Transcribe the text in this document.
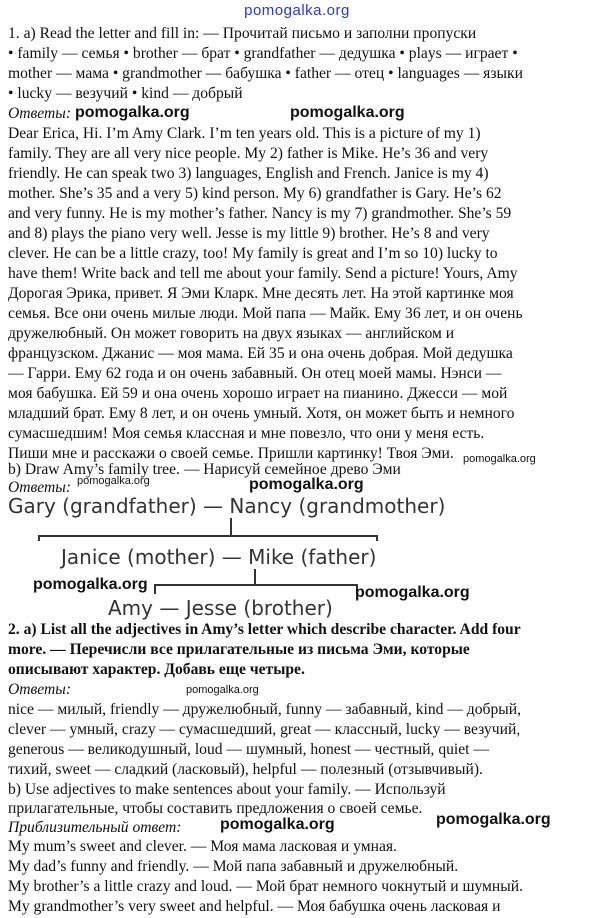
pomogalka.org
1. a) Read the letter and fill in: — Прочитай письмо и заполни пропуски
• family — семья • brother — брат • grandfather — дедушка • plays — играет •
mother — мама • grandmother — бабушка • father — отец • languages — языки
• lucky — везучий • kind — добрый
Ответы: pomogalka.org	pomogalka.org
Dear Erica, Hi. I’m Amy Clark. I’m ten years old. This is a picture of my 1)
family. They are all very nice people. My 2) father is Mike. He’s 36 and very
friendly. He can speak two 3) languages, English and French. Janice is my 4)
mother. She’s 35 and a very 5) kind person. My 6) grandfather is Gary. He’s 62
and very funny. He is my mother’s father. Nancy is my 7) grandmother. She’s 59
and 8) plays the piano very well. Jesse is my little 9) brother. He’s 8 and very
clever. He can be a little crazy, too! My family is great and I’m so 10) lucky to
have them! Write back and tell me about your family. Send a picture! Yours, Amy
Дорогая Эрика, привет. Я Эми Кларк. Мне десять лет. На этой картинке моя
семья. Все они очень милые люди. Мой папа — Майк. Ему 36 лет, и он очень
дружелюбный. Он может говорить на двух языках — английском и
французском. Джанис — моя мама. Ей 35 и она очень добрая. Мой дедушка
— Гарри. Ему 62 года и он очень забавный. Он отец моей мамы. Нэнси —
моя бабушка. Ей 59 и она очень хорошо играет на пианино. Джесси — мой
младший брат. Ему 8 лет, и он очень умный. Хотя, он может быть и немного
сумасшедшим! Моя семья классная и мне повезло, что они у меня есть.
Пиши мне и расскажи о своей семье. Пришли картинку! Твоя Эми. pomogalka.org
b) Draw Amy’s family tree. — Нарисуй семейное древо Эми
Ответы: pomogalka.org	pomogalka.org
Gary (grandfather) — Nancy (grandmother)
Janice (mother) — Mike (father)
pomogalka.org	pomogalka.org
Amy — Jesse (brother)
2. a) List all the adjectives in Amy’s letter which describe character. Add four
more. — Перечисли все прилагательные из письма Эми, которые
описывают характер. Добавь еще четыре.
Ответы:	pomogalka.org
nice — милый, friendly — дружелюбный, funny — забавный, kind — добрый,
clever — умный, crazy — сумасшедший, great — классный, lucky — везучий,
generous — великодушный, loud — шумный, honest — честный, quiet —
тихий, sweet — сладкий (ласковый), helpful — полезный (отзывчивый).
b) Use adjectives to make sentences about your family. — Используй
прилагательные, чтобы составить предложения о своей семье.
Приблизительный ответ: pomogalka.org	pomogalka.org
My mum’s sweet and clever. — Моя мама ласковая и умная.
My dad’s funny and friendly. — Мой папа забавный и дружелюбный.
My brother’s a little crazy and loud. — Мой брат немного чокнутый и шумный.
My grandmother’s very sweet and helpful. — Моя бабушка очень ласковая и
